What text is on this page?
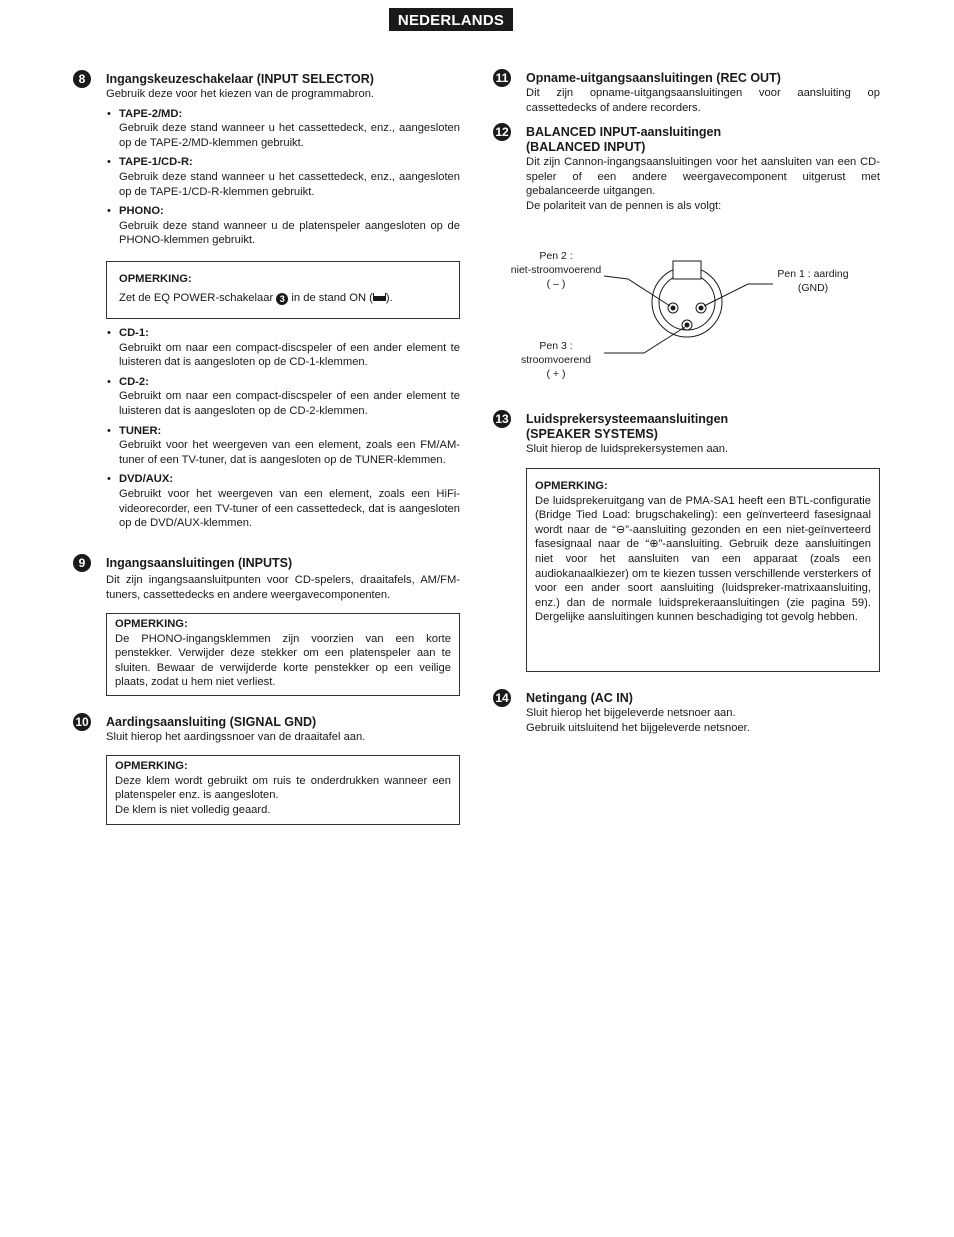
NEDERLANDS
8	Ingangskeuzeschakelaar (INPUT SELECTOR)
Gebruik deze voor het kiezen van de programmabron.
• TAPE-2/MD:
Gebruik deze stand wanneer u het cassettedeck, enz., aangesloten op de TAPE-2/MD-klemmen gebruikt.
• TAPE-1/CD-R:
Gebruik deze stand wanneer u het cassettedeck, enz., aangesloten op de TAPE-1/CD-R-klemmen gebruikt.
• PHONO:
Gebruik deze stand wanneer u de platenspeler aangesloten op de PHONO-klemmen gebruikt.
OPMERKING:
Zet de EQ POWER-schakelaar 3 in de stand ON ( ).
• CD-1:
Gebruikt om naar een compact-discspeler of een ander element te luisteren dat is aangesloten op de CD-1-klemmen.
• CD-2:
Gebruikt om naar een compact-discspeler of een ander element te luisteren dat is aangesloten op de CD-2-klemmen.
• TUNER:
Gebruikt voor het weergeven van een element, zoals een FM/AM-tuner of een TV-tuner, dat is aangesloten op de TUNER-klemmen.
• DVD/AUX:
Gebruikt voor het weergeven van een element, zoals een HiFi-videorecorder, een TV-tuner of een cassettedeck, dat is aangesloten op de DVD/AUX-klemmen.
9	Ingangsaansluitingen (INPUTS)
Dit zijn ingangsaansluitpunten voor CD-spelers, draaitafels, AM/FM-tuners, cassettedecks en andere weergavecomponenten.
OPMERKING:
De PHONO-ingangsklemmen zijn voorzien van een korte penstekker. Verwijder deze stekker om een platenspeler aan te sluiten. Bewaar de verwijderde korte penstekker op een veilige plaats, zodat u hem niet verliest.
10 Aardingsaansluiting (SIGNAL GND)
Sluit hierop het aardingssnoer van de draaitafel aan.
OPMERKING:
Deze klem wordt gebruikt om ruis te onderdrukken wanneer een platenspeler enz. is aangesloten.
De klem is niet volledig geaard.
11 Opname-uitgangsaansluitingen (REC OUT)
Dit zijn opname-uitgangsaansluitingen voor aansluiting op cassettedecks of andere recorders.
12 BALANCED INPUT-aansluitingen
(BALANCED INPUT)
Dit zijn Cannon-ingangsaansluitingen voor het aansluiten van een CD-speler of een andere weergavecomponent uitgerust met gebalanceerde uitgangen.
De polariteit van de pennen is als volgt:
Pen 2 :
niet-stroomvoerend
( – )
Pen 1 : aarding
(GND)
Pen 3 :
stroomvoerend
( + )
13 Luidsprekersysteemaansluitingen
(SPEAKER SYSTEMS)
Sluit hierop de luidsprekersystemen aan.
OPMERKING:
De luidsprekeruitgang van de PMA-SA1 heeft een BTL-configuratie (Bridge Tied Load: brugschakeling): een geïnverteerd fasesignaal wordt naar de “⊖”-aansluiting gezonden en een niet-geïnverteerd fasesignaal naar de “⊕”-aansluiting. Gebruik deze aansluitingen niet voor het aansluiten van een apparaat (zoals een audiokanaalkiezer) om te kiezen tussen verschillende versterkers of voor een ander soort aansluiting (luidspreker-matrixaansluiting, enz.) dan de normale luidsprekeraansluitingen (zie pagina 59). Dergelijke aansluitingen kunnen beschadiging tot gevolg hebben.
14 Netingang (AC IN)
Sluit hierop het bijgeleverde netsnoer aan.
Gebruik uitsluitend het bijgeleverde netsnoer.
